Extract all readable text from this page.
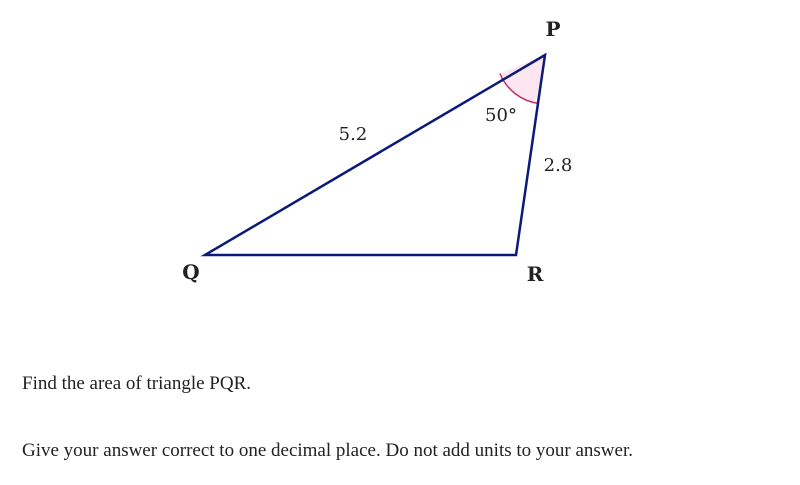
P
Q	R
5.2
2.8
50°

Find the area of triangle PQR.

Give your answer correct to one decimal place. Do not add units to your answer.
